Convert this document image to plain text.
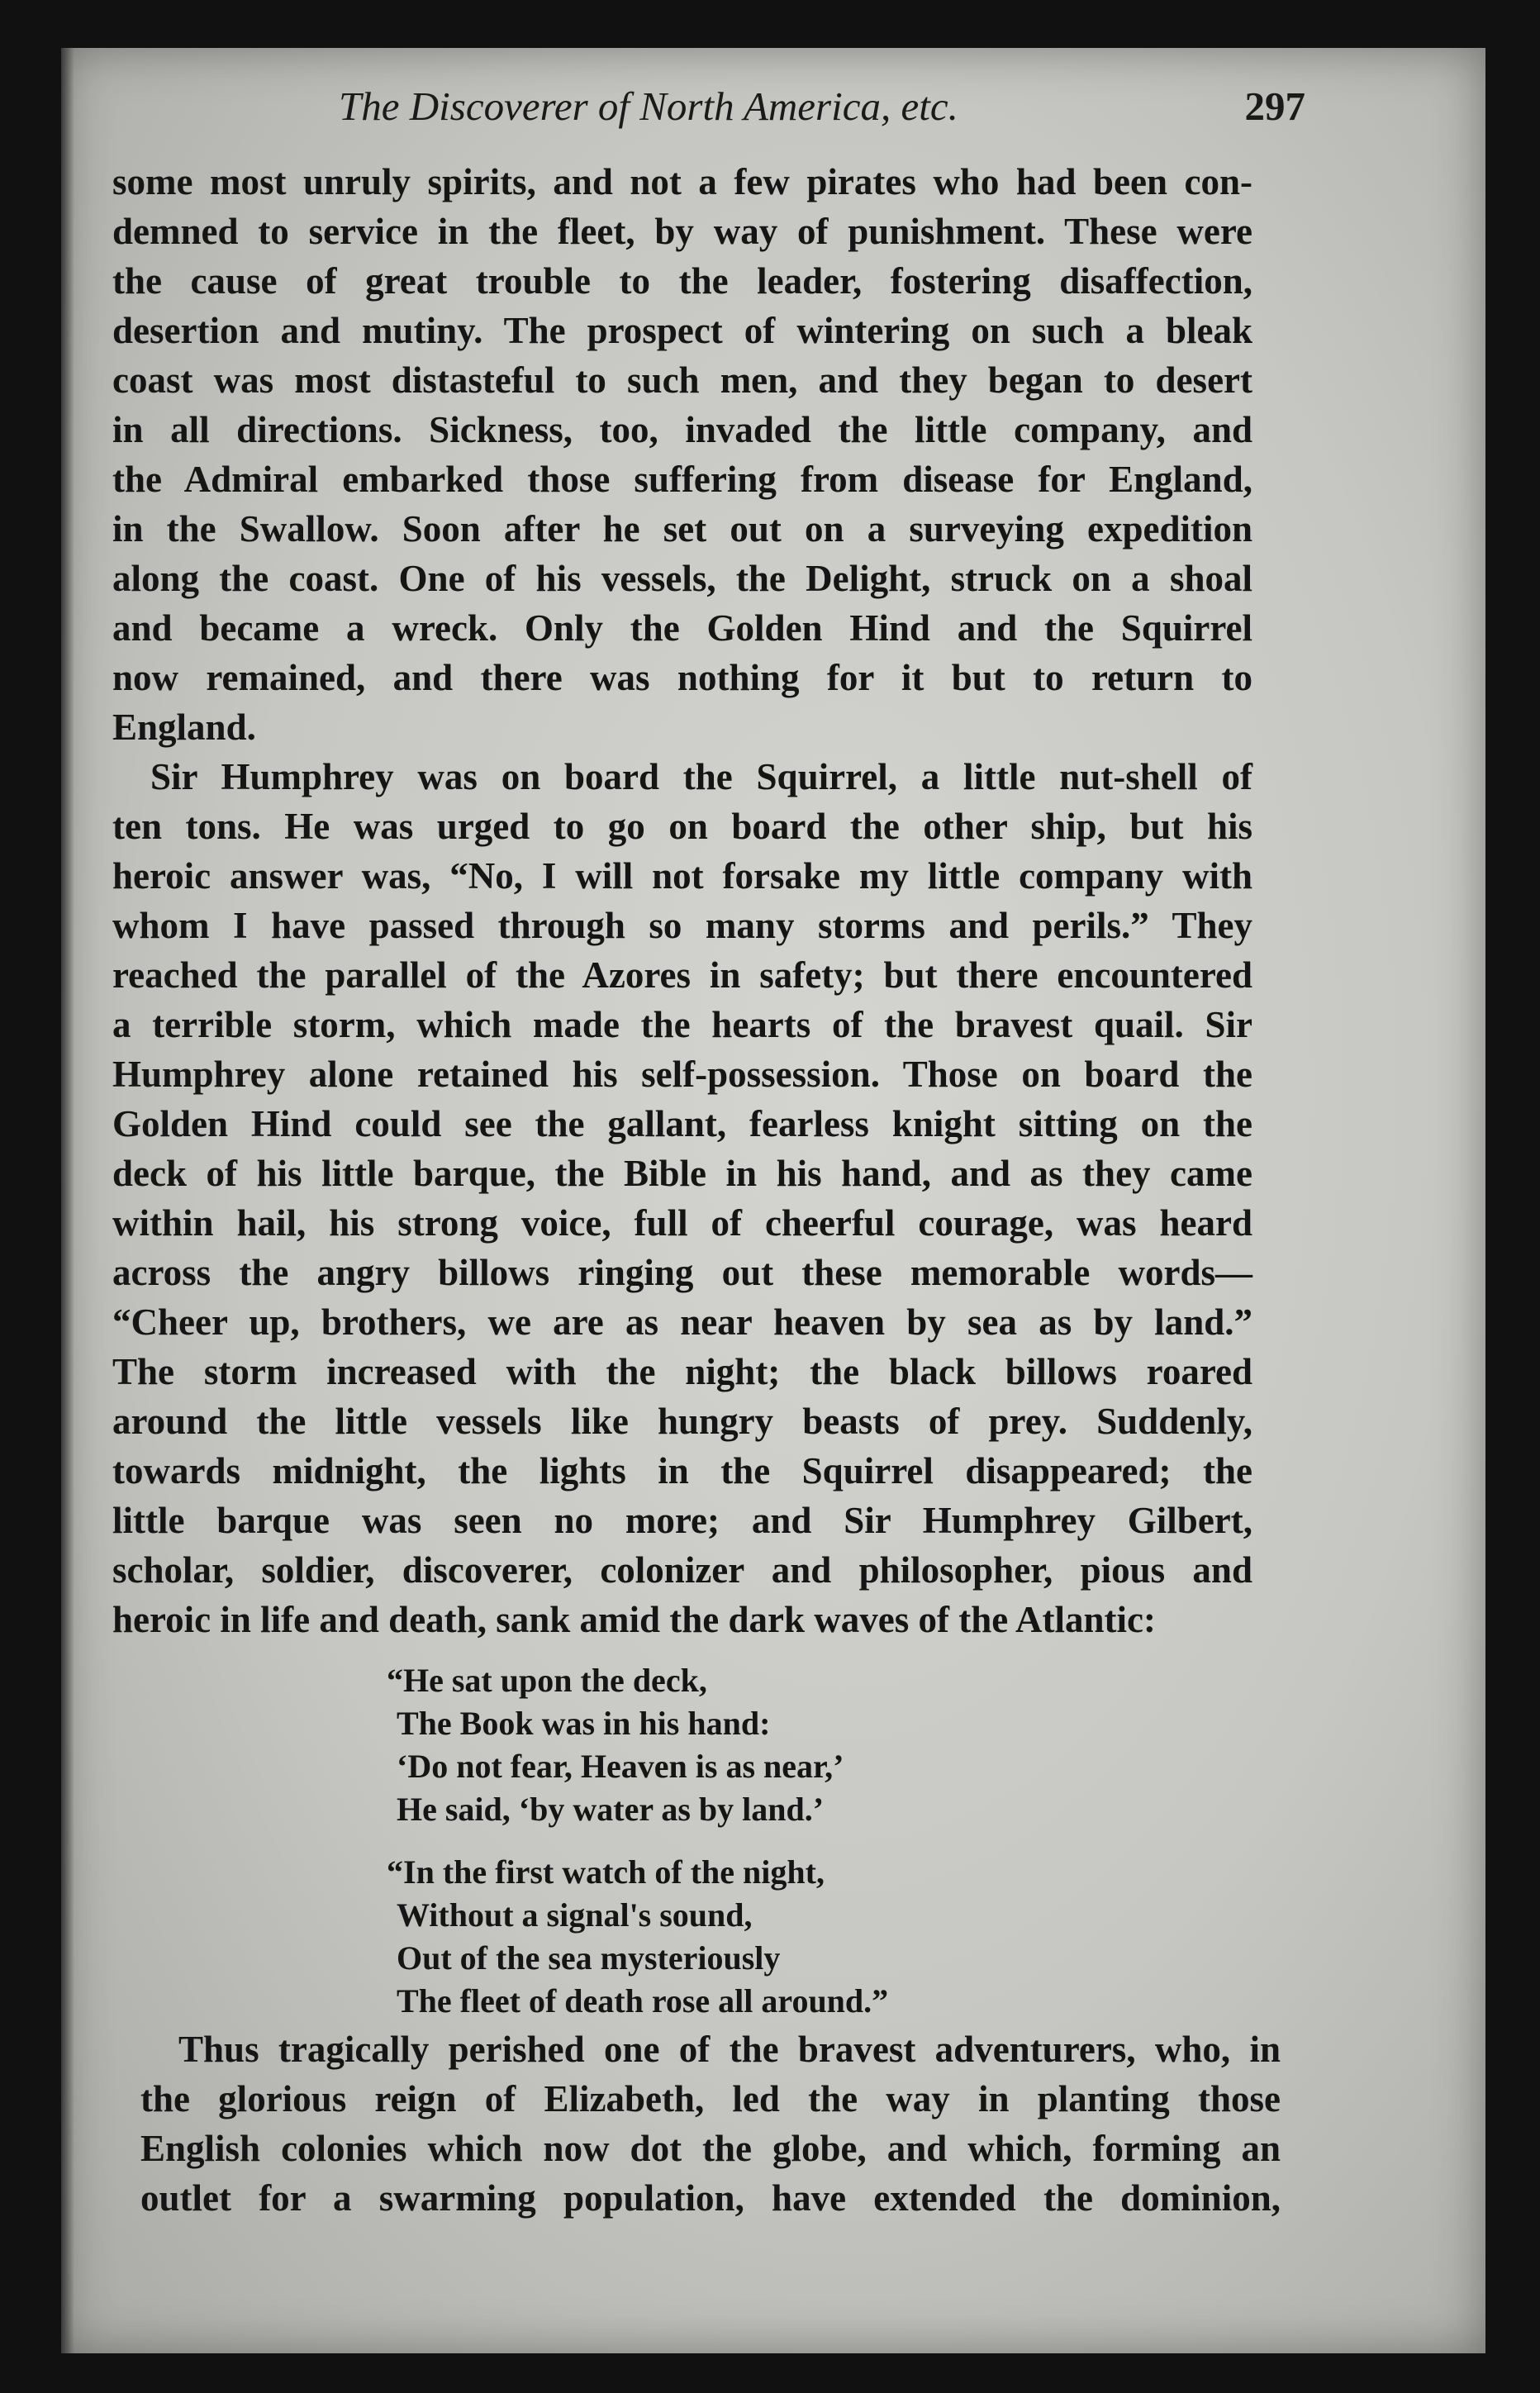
The Discoverer of North America, etc.	297
some most unruly spirits, and not a few pirates who had been con-
demned to service in the fleet, by way of punishment. These were
the cause of great trouble to the leader, fostering disaffection,
desertion and mutiny. The prospect of wintering on such a bleak
coast was most distasteful to such men, and they began to desert
in all directions. Sickness, too, invaded the little company, and
the Admiral embarked those suffering from disease for England,
in the Swallow. Soon after he set out on a surveying expedition
along the coast. One of his vessels, the Delight, struck on a shoal
and became a wreck. Only the Golden Hind and the Squirrel
now remained, and there was nothing for it but to return to
England.
Sir Humphrey was on board the Squirrel, a little nut-shell of
ten tons. He was urged to go on board the other ship, but his
heroic answer was, “No, I will not forsake my little company with
whom I have passed through so many storms and perils.” They
reached the parallel of the Azores in safety; but there encountered
a terrible storm, which made the hearts of the bravest quail. Sir
Humphrey alone retained his self-possession. Those on board the
Golden Hind could see the gallant, fearless knight sitting on the
deck of his little barque, the Bible in his hand, and as they came
within hail, his strong voice, full of cheerful courage, was heard
across the angry billows ringing out these memorable words—
“Cheer up, brothers, we are as near heaven by sea as by land.”
The storm increased with the night; the black billows roared
around the little vessels like hungry beasts of prey. Suddenly,
towards midnight, the lights in the Squirrel disappeared; the
little barque was seen no more; and Sir Humphrey Gilbert,
scholar, soldier, discoverer, colonizer and philosopher, pious and
heroic in life and death, sank amid the dark waves of the Atlantic:
“He sat upon the deck,
The Book was in his hand:
‘Do not fear, Heaven is as near,’
He said, ‘by water as by land.’
“In the first watch of the night,
Without a signal's sound,
Out of the sea mysteriously
The fleet of death rose all around.”
Thus tragically perished one of the bravest adventurers, who, in
the glorious reign of Elizabeth, led the way in planting those
English colonies which now dot the globe, and which, forming an
outlet for a swarming population, have extended the dominion,
